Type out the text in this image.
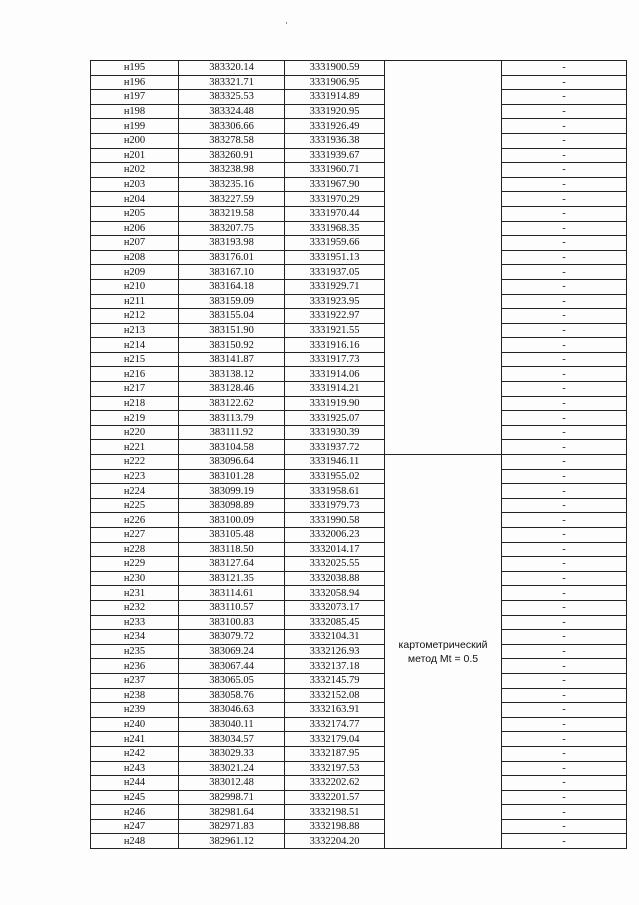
н195	383320.14	3331900.59		-
н196	383321.71	3331906.95		-
н197	383325.53	3331914.89		-
н198	383324.48	3331920.95		-
н199	383306.66	3331926.49		-
н200	383278.58	3331936.38		-
н201	383260.91	3331939.67		-
н202	383238.98	3331960.71		-
н203	383235.16	3331967.90		-
н204	383227.59	3331970.29		-
н205	383219.58	3331970.44		-
н206	383207.75	3331968.35		-
н207	383193.98	3331959.66		-
н208	383176.01	3331951.13		-
н209	383167.10	3331937.05		-
н210	383164.18	3331929.71		-
н211	383159.09	3331923.95		-
н212	383155.04	3331922.97		-
н213	383151.90	3331921.55		-
н214	383150.92	3331916.16		-
н215	383141.87	3331917.73		-
н216	383138.12	3331914.06		-
н217	383128.46	3331914.21		-
н218	383122.62	3331919.90		-
н219	383113.79	3331925.07		-
н220	383111.92	3331930.39		-
н221	383104.58	3331937.72		-
н222	383096.64	3331946.11	картометрический метод Mt = 0.5	-
н223	383101.28	3331955.02		-
н224	383099.19	3331958.61		-
н225	383098.89	3331979.73		-
н226	383100.09	3331990.58		-
н227	383105.48	3332006.23		-
н228	383118.50	3332014.17		-
н229	383127.64	3332025.55		-
н230	383121.35	3332038.88		-
н231	383114.61	3332058.94		-
н232	383110.57	3332073.17		-
н233	383100.83	3332085.45		-
н234	383079.72	3332104.31		-
н235	383069.24	3332126.93		-
н236	383067.44	3332137.18		-
н237	383065.05	3332145.79		-
н238	383058.76	3332152.08		-
н239	383046.63	3332163.91		-
н240	383040.11	3332174.77		-
н241	383034.57	3332179.04		-
н242	383029.33	3332187.95		-
н243	383021.24	3332197.53		-
н244	383012.48	3332202.62		-
н245	382998.71	3332201.57		-
н246	382981.64	3332198.51		-
н247	382971.83	3332198.88		-
н248	382961.12	3332204.20		-
